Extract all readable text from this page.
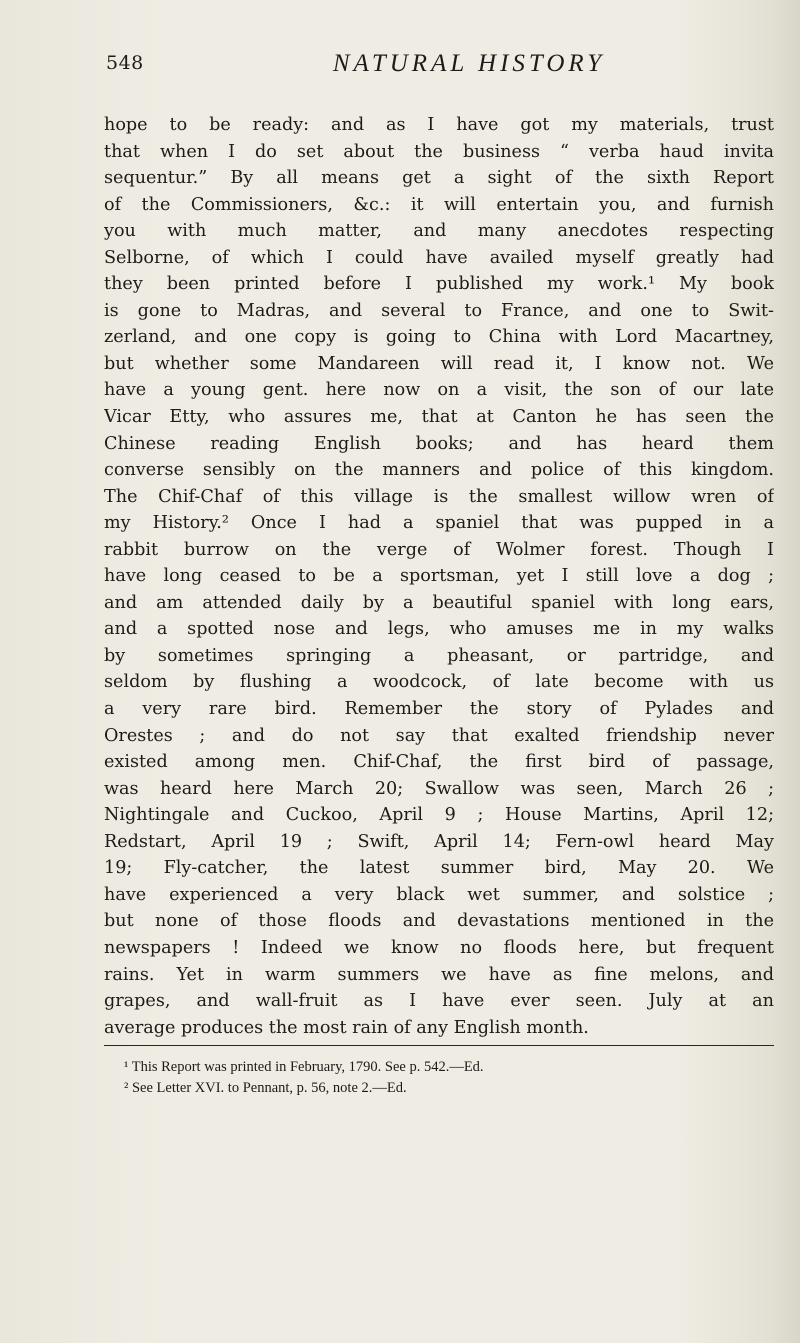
548	NATURAL HISTORY
hope to be ready: and as I have got my materials, trust
that when I do set about the business “ verba haud invita
sequentur.” By all means get a sight of the sixth Report
of the Commissioners, &c.: it will entertain you, and furnish
you with much matter, and many anecdotes respecting
Selborne, of which I could have availed myself greatly had
they been printed before I published my work.¹ My book
is gone to Madras, and several to France, and one to Swit-
zerland, and one copy is going to China with Lord Macartney,
but whether some Mandareen will read it, I know not. We
have a young gent. here now on a visit, the son of our late
Vicar Etty, who assures me, that at Canton he has seen the
Chinese reading English books; and has heard them
converse sensibly on the manners and police of this kingdom.
The Chif-Chaf of this village is the smallest willow wren of
my History.² Once I had a spaniel that was pupped in a
rabbit burrow on the verge of Wolmer forest. Though I
have long ceased to be a sportsman, yet I still love a dog ;
and am attended daily by a beautiful spaniel with long ears,
and a spotted nose and legs, who amuses me in my walks
by sometimes springing a pheasant, or partridge, and
seldom by flushing a woodcock, of late become with us
a very rare bird. Remember the story of Pylades and
Orestes ; and do not say that exalted friendship never
existed among men. Chif-Chaf, the first bird of passage,
was heard here March 20; Swallow was seen, March 26 ;
Nightingale and Cuckoo, April 9 ; House Martins, April 12;
Redstart, April 19 ; Swift, April 14; Fern-owl heard May
19; Fly-catcher, the latest summer bird, May 20. We
have experienced a very black wet summer, and solstice ;
but none of those floods and devastations mentioned in the
newspapers ! Indeed we know no floods here, but frequent
rains. Yet in warm summers we have as fine melons, and
grapes, and wall-fruit as I have ever seen. July at an
average produces the most rain of any English month.
¹ This Report was printed in February, 1790. See p. 542.—Ed.
² See Letter XVI. to Pennant, p. 56, note 2.—Ed.
